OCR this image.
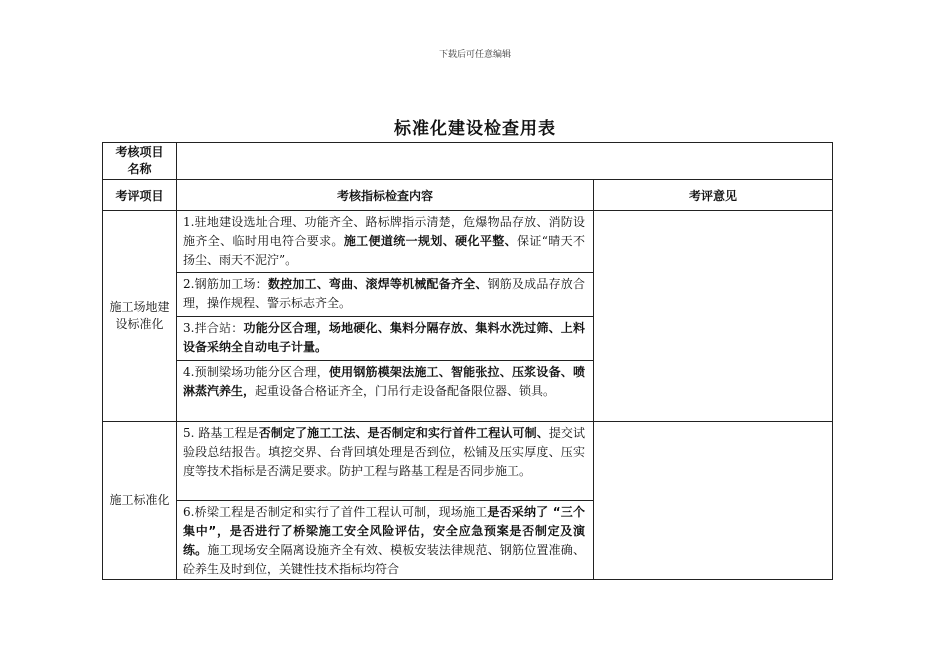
下载后可任意编辑
标准化建设检查用表
考核项目名称		
考评项目	考核指标检查内容	考评意见
施工场地建设标准化	1.驻地建设选址合理、功能齐全、路标牌指示清楚，危爆物品存放、消防设施齐全、临时用电符合要求。施工便道统一规划、硬化平整、保证“晴天不扬尘、雨天不泥泞”。	
	2.钢筋加工场：数控加工、弯曲、滚焊等机械配备齐全、钢筋及成品存放合理，操作规程、警示标志齐全。	
	3.拌合站：功能分区合理，场地硬化、集料分隔存放、集料水洗过筛、上料设备采纳全自动电子计量。	
	4.预制梁场功能分区合理，使用钢筋模架法施工、智能张拉、压浆设备、喷淋蒸汽养生，起重设备合格证齐全，门吊行走设备配备限位器、锁具。	
施工标准化	5. 路基工程是否制定了施工工法、是否制定和实行首件工程认可制、提交试验段总结报告。填挖交界、台背回填处理是否到位，松铺及压实厚度、压实度等技术指标是否满足要求。防护工程与路基工程是否同步施工。	

	6.桥梁工程是否制定和实行了首件工程认可制，现场施工是否采纳了 “三个集中”，是否进行了桥梁施工安全风险评估，安全应急预案是否制定及演练。施工现场安全隔离设施齐全有效、模板安装法律规范、钢筋位置准确、砼养生及时到位，关键性技术指标均符合	
